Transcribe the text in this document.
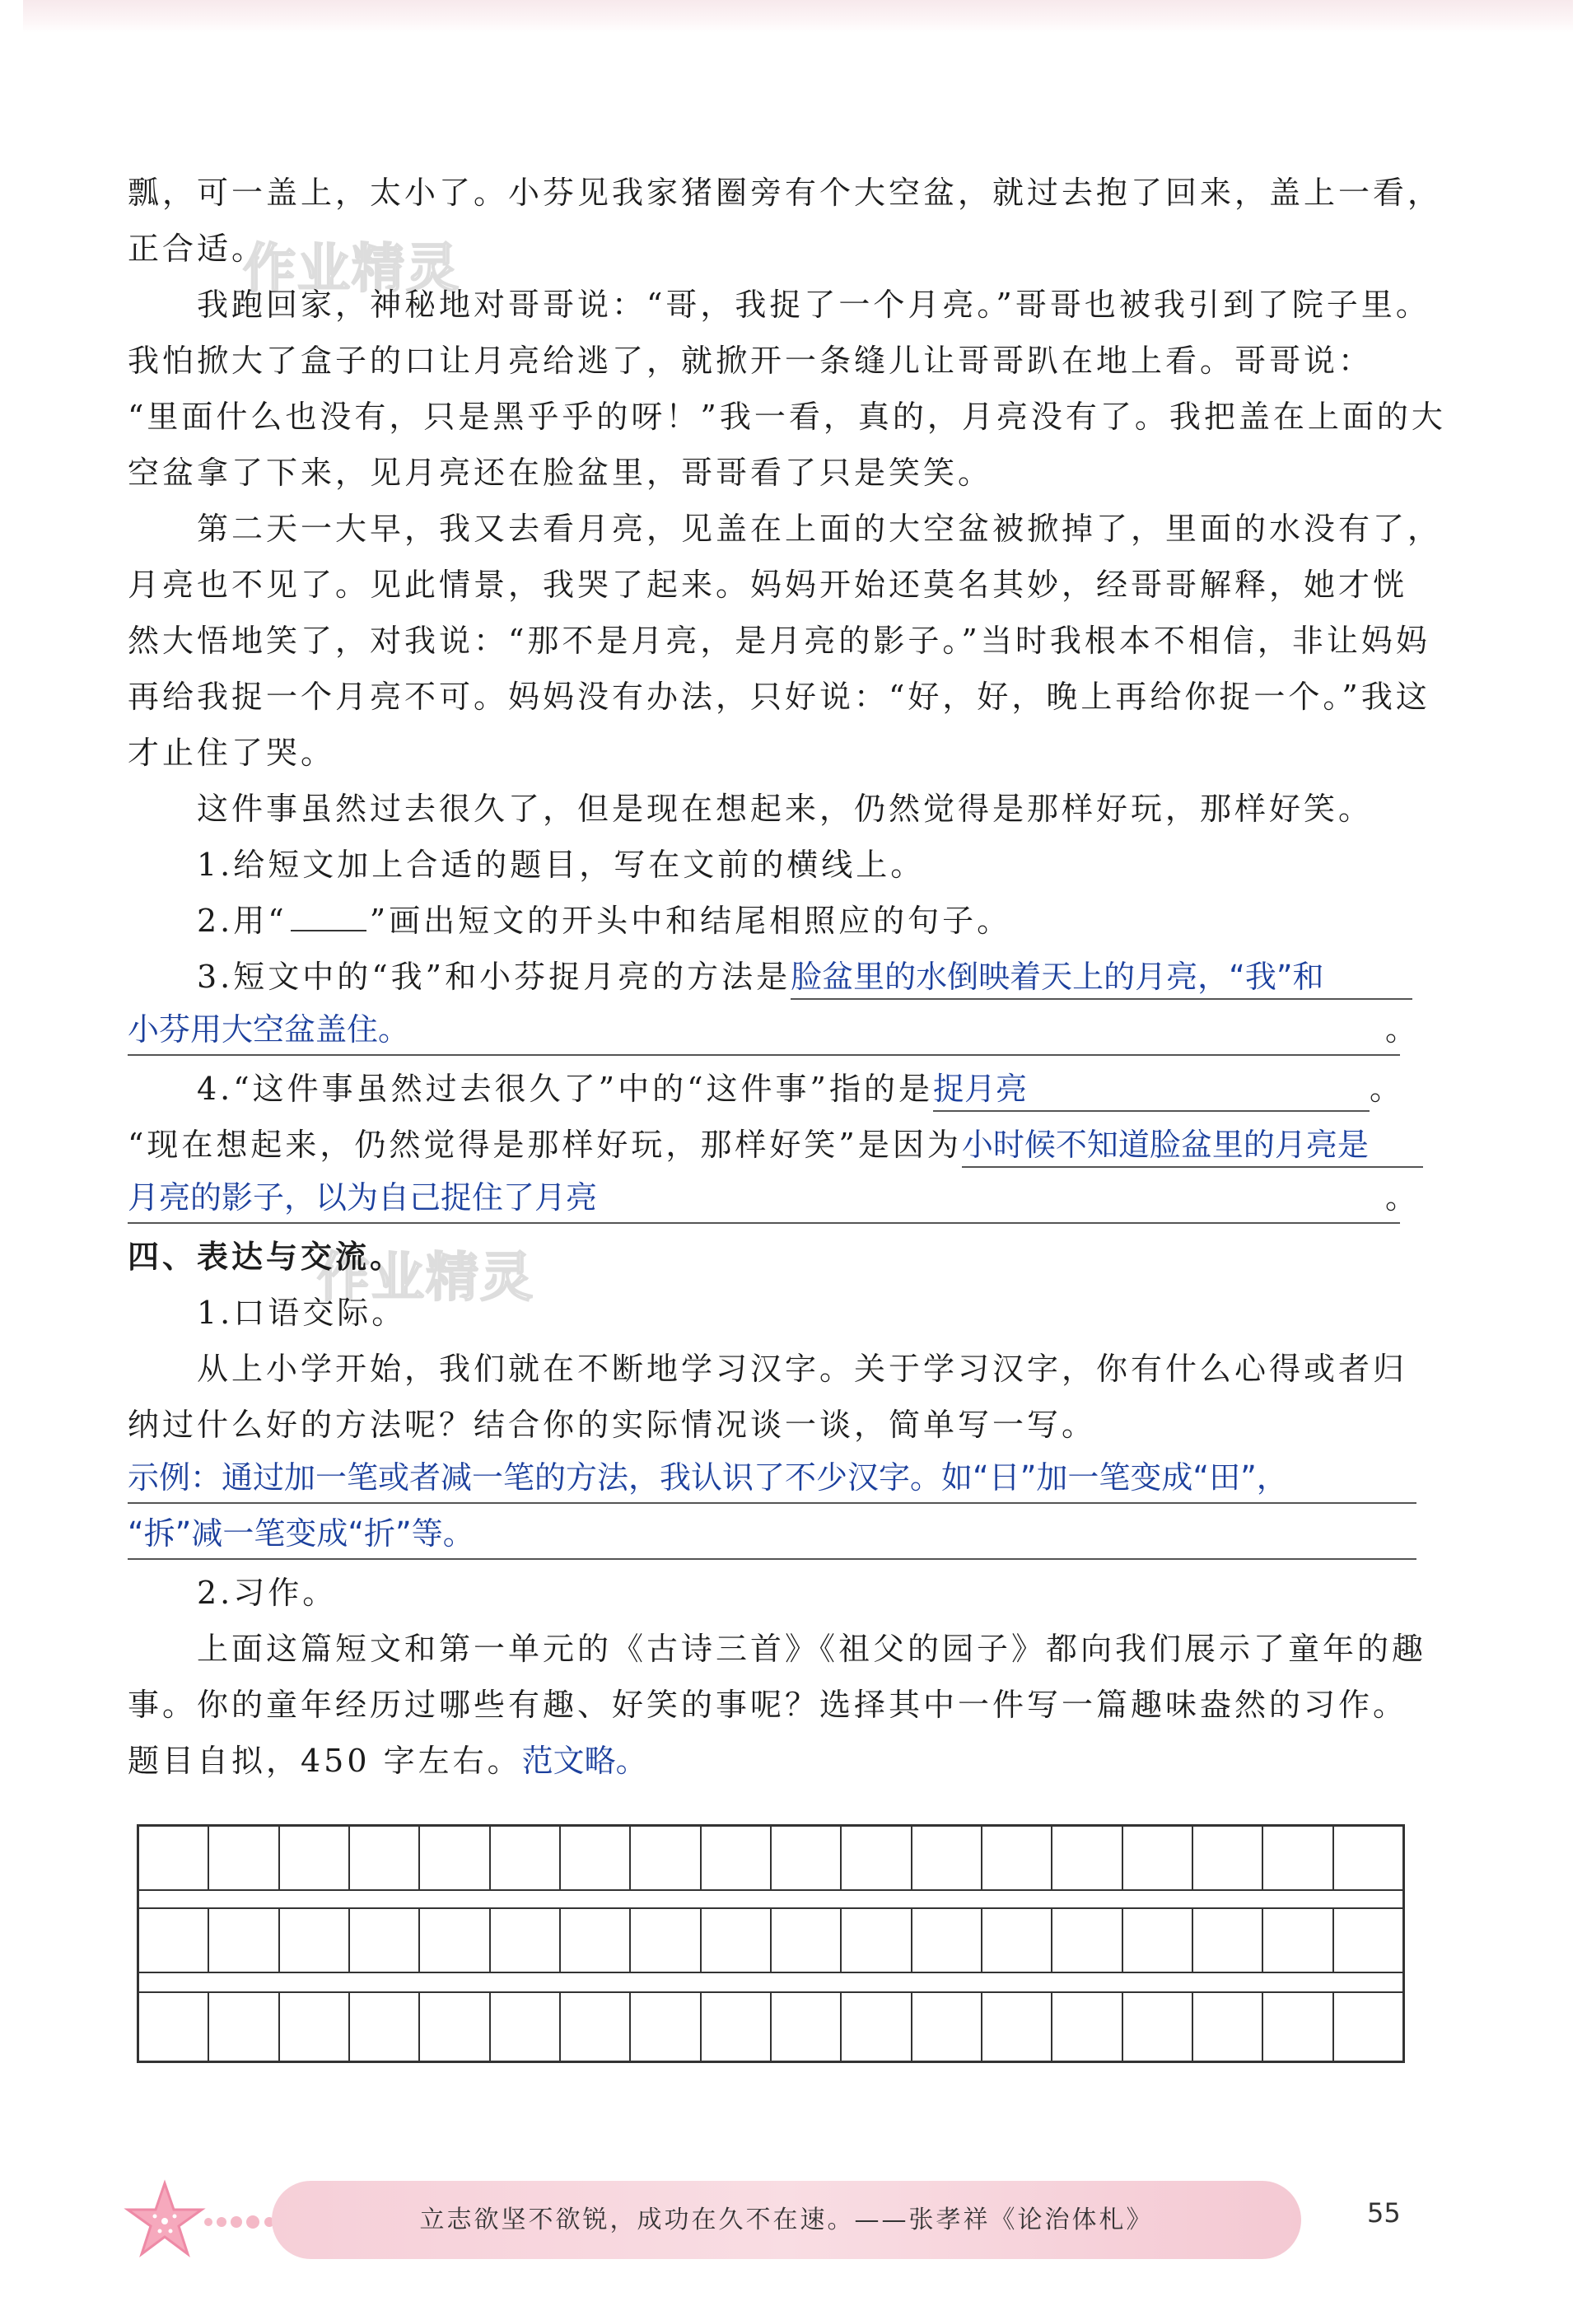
作业精灵
作业精灵

瓢，可一盖上，太小了。小芬见我家猪圈旁有个大空盆，就过去抱了回来，盖上一看，

正合适。

我跑回家，神秘地对哥哥说：“哥，我捉了一个月亮。”哥哥也被我引到了院子里。

我怕掀大了盒子的口让月亮给逃了，就掀开一条缝儿让哥哥趴在地上看。哥哥说：

“里面什么也没有，只是黑乎乎的呀！”我一看，真的，月亮没有了。我把盖在上面的大

空盆拿了下来，见月亮还在脸盆里，哥哥看了只是笑笑。

第二天一大早，我又去看月亮，见盖在上面的大空盆被掀掉了，里面的水没有了，

月亮也不见了。见此情景，我哭了起来。妈妈开始还莫名其妙，经哥哥解释，她才恍

然大悟地笑了，对我说：“那不是月亮，是月亮的影子。”当时我根本不相信，非让妈妈

再给我捉一个月亮不可。妈妈没有办法，只好说：“好，好，晚上再给你捉一个。”我这

才止住了哭。

这件事虽然过去很久了，但是现在想起来，仍然觉得是那样好玩，那样好笑。

1.给短文加上合适的题目，写在文前的横线上。

2.用“	”画出短文的开头中和结尾相照应的句子。

3.短文中的“我”和小芬捉月亮的方法是脸盆里的水倒映着天上的月亮，“我”和

小芬用大空盆盖住。	。

4.“这件事虽然过去很久了”中的“这件事”指的是捉月亮	。

“现在想起来，仍然觉得是那样好玩，那样好笑”是因为小时候不知道脸盆里的月亮是

月亮的影子，以为自己捉住了月亮	。

四、表达与交流。

1.口语交际。

从上小学开始，我们就在不断地学习汉字。关于学习汉字，你有什么心得或者归

纳过什么好的方法呢？结合你的实际情况谈一谈，简单写一写。

示例：通过加一笔或者减一笔的方法，我认识了不少汉字。如“日”加一笔变成“田”，
“拆”减一笔变成“折”等。

2.习作。

上面这篇短文和第一单元的《古诗三首》《祖父的园子》都向我们展示了童年的趣

事。你的童年经历过哪些有趣、好笑的事呢？选择其中一件写一篇趣味盎然的习作。

题目自拟，450 字左右。范文略。

立志欲坚不欲锐，成功在久不在速。——张孝祥《论治体札》	55
